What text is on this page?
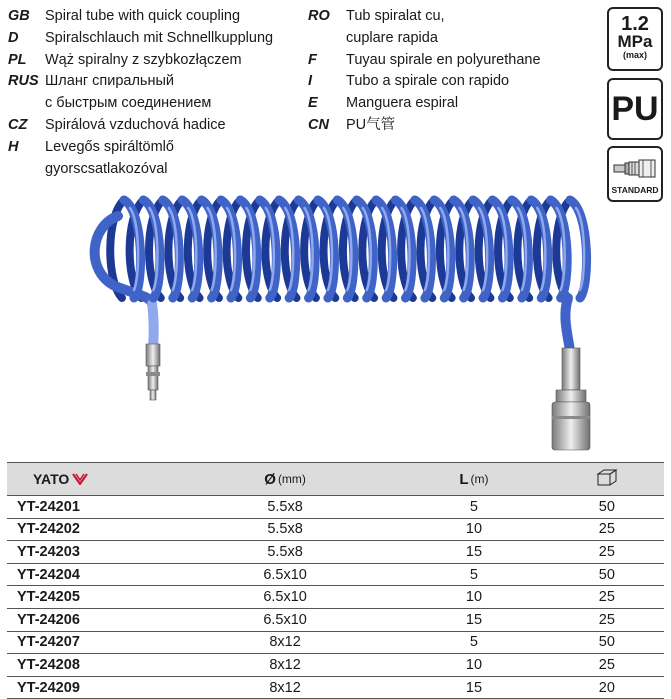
GB	Spiral tube with quick coupling
D	Spiralschlauch mit Schnellkupplung
PL	Wąż spiralny z szybkozłączem
RUS Шланг спиральный
с быстрым соединением
CZ	Spirálová vzduchová hadice
H	Levegős spiráltömlő
gyorscsatlakozóval
RO	Tub spiralat cu,
cuplare rapida
F	Tuyau spirale en polyurethane
I	Tubo a spirale con rapido
E	Manguera espiral
CN	PU气管
1.2
MPa
(max)
PU
STANDARD
YATO	Ø (mm)	L (m)

YT-24201	5.5x8	5	50
YT-24202	5.5x8	10	25
YT-24203	5.5x8	15	25
YT-24204	6.5x10	5	50
YT-24205	6.5x10	10	25
YT-24206	6.5x10	15	25
YT-24207	8x12	5	50
YT-24208	8x12	10	25
YT-24209	8x12	15	20
